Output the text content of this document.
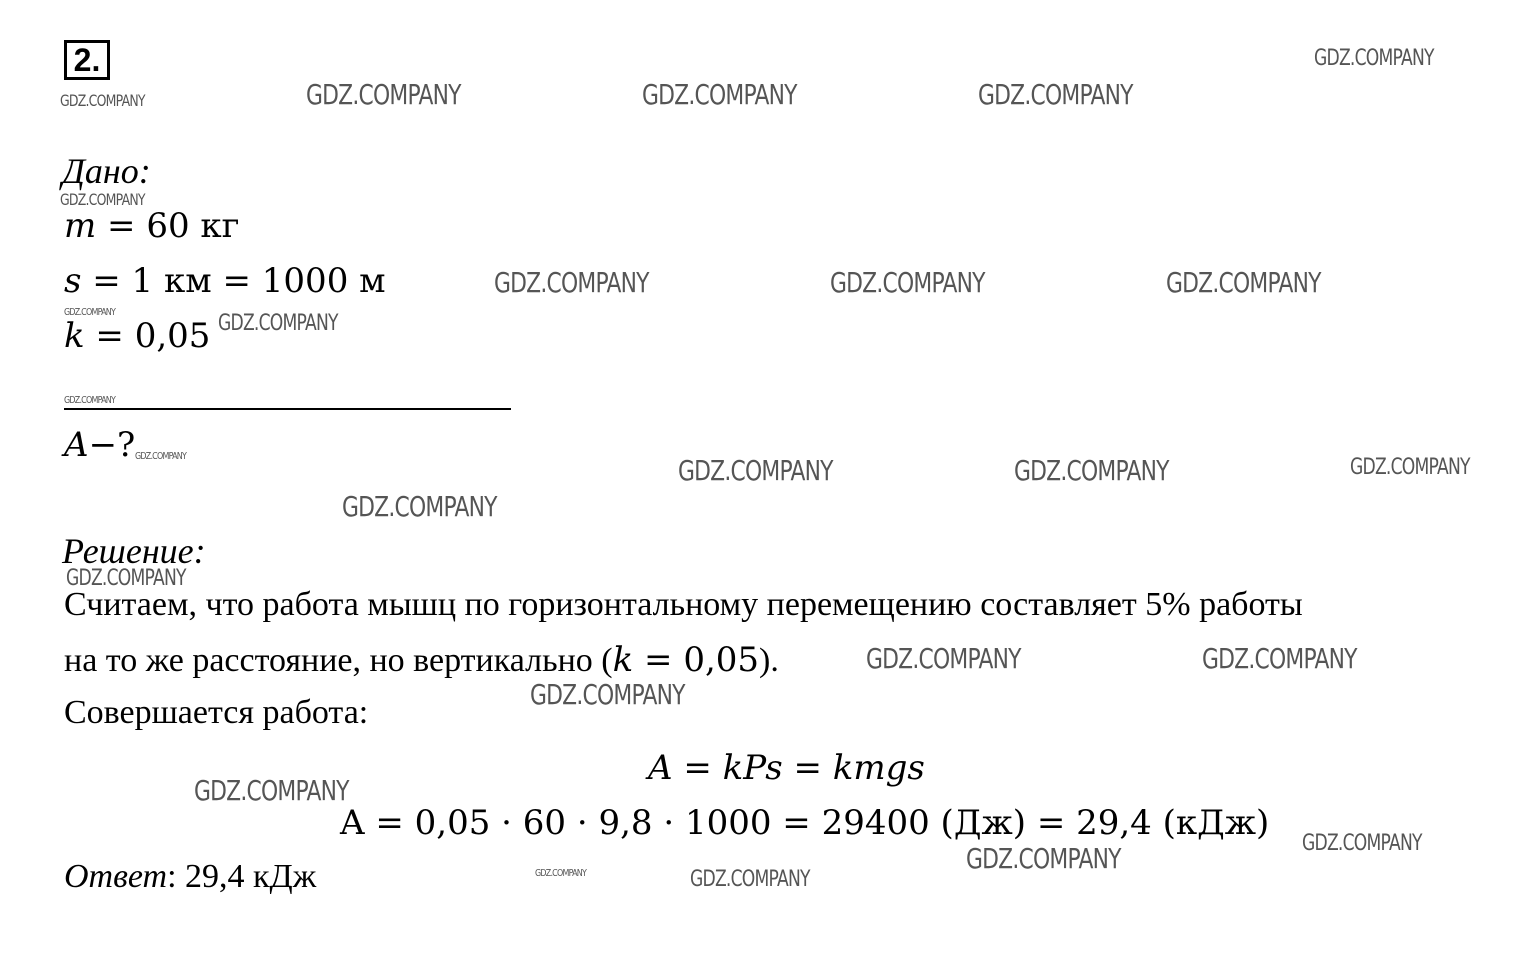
2.
Дано:
m = 60 кг
s = 1 км = 1000 м
k = 0,05
A−?
Решение:
Считаем, что работа мышц по горизонтальному перемещению составляет 5% работы
на то же расстояние, но вертикально (k = 0,05).
Совершается работа:
A = kPs = kmgs
A = 0,05 · 60 · 9,8 · 1000 = 29400 (Дж) = 29,4 (кДж)
Ответ: 29,4 кДж
GDZ.COMPANY	GDZ.COMPANY	GDZ.COMPANY	GDZ.COMPANY
GDZ.COMPANY
GDZ.COMPANY
GDZ.COMPANY	GDZ.COMPANY	GDZ.COMPANY
GDZ.COMPANY	GDZ.COMPANY
GDZ.COMPANY
GDZ.COMPANY	GDZ.COMPANY	GDZ.COMPANY	GDZ.COMPANY
GDZ.COMPANY
GDZ.COMPANY
GDZ.COMPANY	GDZ.COMPANY
GDZ.COMPANY
GDZ.COMPANY
GDZ.COMPANY
GDZ.COMPANY
GDZ.COMPANY	GDZ.COMPANY
